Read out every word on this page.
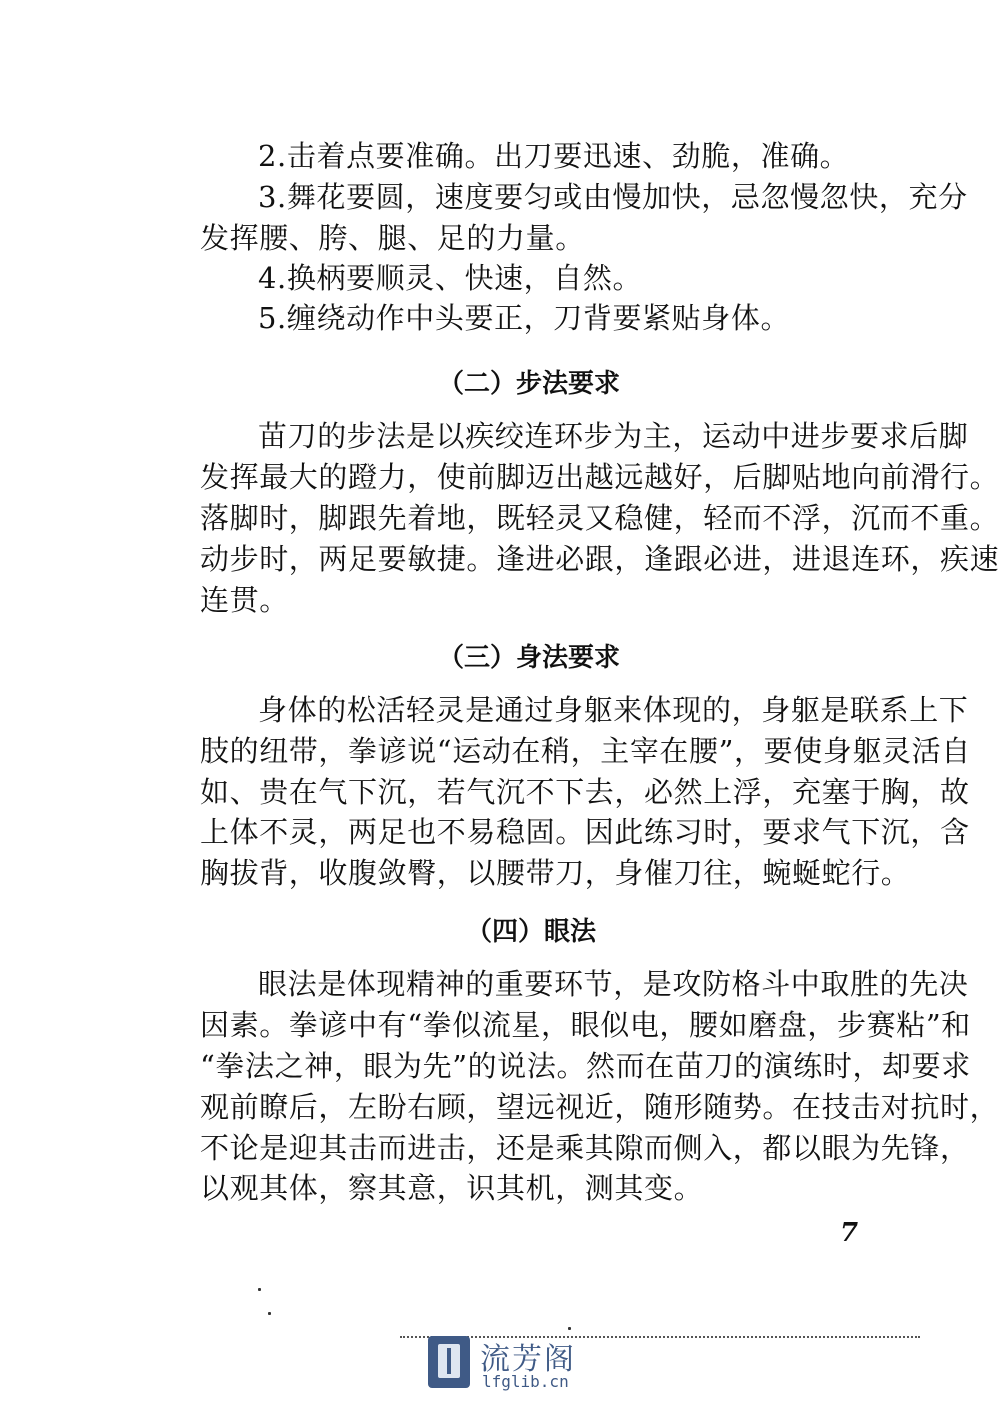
2.击着点要准确。出刀要迅速、劲脆，准确。
3.舞花要圆，速度要匀或由慢加快，忌忽慢忽快，充分
发挥腰、胯、腿、足的力量。
4.换柄要顺灵、快速，自然。
5.缠绕动作中头要正，刀背要紧贴身体。
（二）步法要求
苗刀的步法是以疾绞连环步为主，运动中进步要求后脚
发挥最大的蹬力，使前脚迈出越远越好，后脚贴地向前滑行。
落脚时，脚跟先着地，既轻灵又稳健，轻而不浮，沉而不重。
动步时，两足要敏捷。逢进必跟，逢跟必进，进退连环，疾速
连贯。
（三）身法要求
身体的松活轻灵是通过身躯来体现的，身躯是联系上下
肢的纽带，拳谚说“运动在稍，主宰在腰”，要使身躯灵活自
如、贵在气下沉，若气沉不下去，必然上浮，充塞于胸，故
上体不灵，两足也不易稳固。因此练习时，要求气下沉，含
胸拔背，收腹敛臀，以腰带刀，身催刀往，蜿蜒蛇行。
（四）眼法
眼法是体现精神的重要环节，是攻防格斗中取胜的先决
因素。拳谚中有“拳似流星，眼似电，腰如磨盘，步赛粘”和
“拳法之神，眼为先”的说法。然而在苗刀的演练时，却要求
观前瞭后，左盼右顾，望远视近，随形随势。在技击对抗时，
不论是迎其击而进击，还是乘其隙而侧入，都以眼为先锋，
以观其体，察其意，识其机，测其变。
7
流芳阁
lfglib.cn
